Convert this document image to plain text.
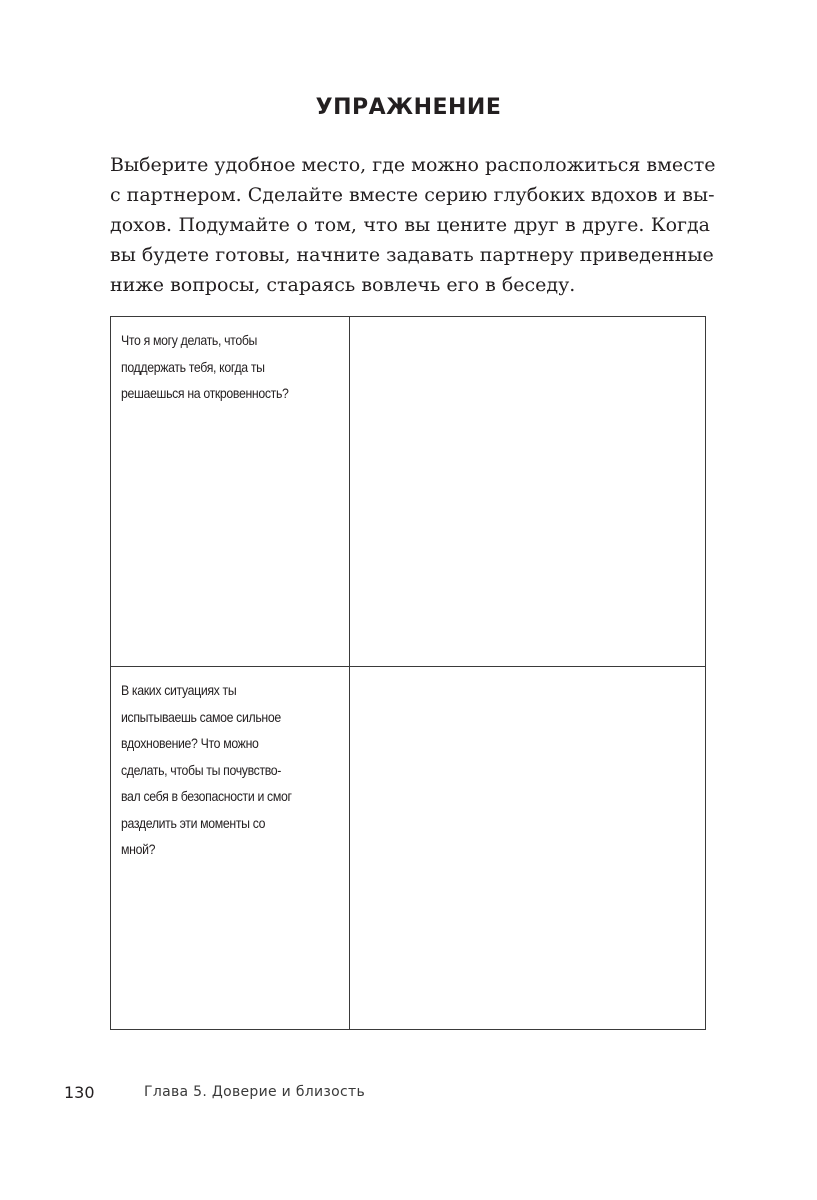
УПРАЖНЕНИЕ

Выберите удобное место, где можно расположиться вместе
с партнером. Сделайте вместе серию глубоких вдохов и вы-
дохов. Подумайте о том, что вы цените друг в друге. Когда
вы будете готовы, начните задавать партнеру приведенные
ниже вопросы, стараясь вовлечь его в беседу.

Что я могу делать, чтобы
поддержать тебя, когда ты
решаешься на откровенность?
В каких ситуациях ты
испытываешь самое сильное
вдохновение? Что можно
сделать, чтобы ты почувство-
вал себя в безопасности и смог
разделить эти моменты со
мной?
130	Глава 5. Доверие и близость
